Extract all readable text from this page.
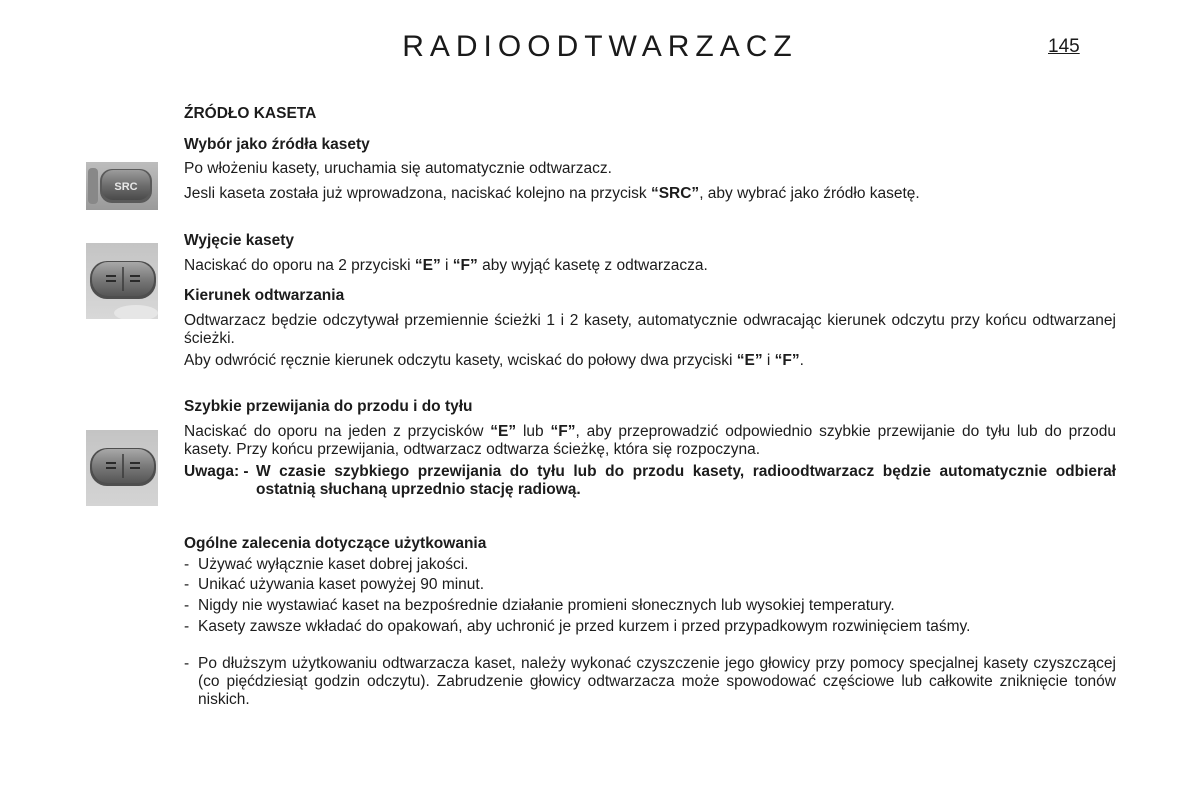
RADIOODTWARZACZ	145
ŹRÓDŁO KASETA
Wybór jako źródła kasety
Po włożeniu kasety, uruchamia się automatycznie odtwarzacz.
Jesli kaseta została już wprowadzona, naciskać kolejno na przycisk “SRC”, aby wybrać jako źródło kasetę.
SRC
Wyjęcie kasety
Naciskać do oporu na 2 przyciski “E” i “F” aby wyjąć kasetę z odtwarzacza.
Kierunek odtwarzania
Odtwarzacz będzie odczytywał przemiennie ścieżki 1 i 2 kasety, automatycznie odwracając kierunek odczytu przy końcu odtwarzanej ścieżki.
Aby odwrócić ręcznie kierunek odczytu kasety, wciskać do połowy dwa przyciski “E” i “F”.
Szybkie przewijania do przodu i do tyłu
Naciskać do oporu na jeden z przycisków “E” lub “F”, aby przeprowadzić odpowiednio szybkie przewijanie do tyłu lub do przodu kasety. Przy końcu przewijania, odtwarzacz odtwarza ścieżkę, która się rozpoczyna.
Uwaga: - W czasie szybkiego przewijania do tyłu lub do przodu kasety, radioodtwarzacz będzie automatycznie odbierał ostatnią słuchaną uprzednio stację radiową.
Ogólne zalecenia dotyczące użytkowania
- Używać wyłącznie kaset dobrej jakości.
- Unikać używania kaset powyżej 90 minut.
- Nigdy nie wystawiać kaset na bezpośrednie działanie promieni słonecznych lub wysokiej temperatury.
- Kasety zawsze wkładać do opakowań, aby uchronić je przed kurzem i przed przypadkowym rozwinięciem taśmy.
- Po dłuższym użytkowaniu odtwarzacza kaset, należy wykonać czyszczenie jego głowicy przy pomocy specjalnej kasety czyszczącej (co pięćdziesiąt godzin odczytu). Zabrudzenie głowicy odtwarzacza może spowodować częściowe lub całkowite zniknięcie tonów niskich.
